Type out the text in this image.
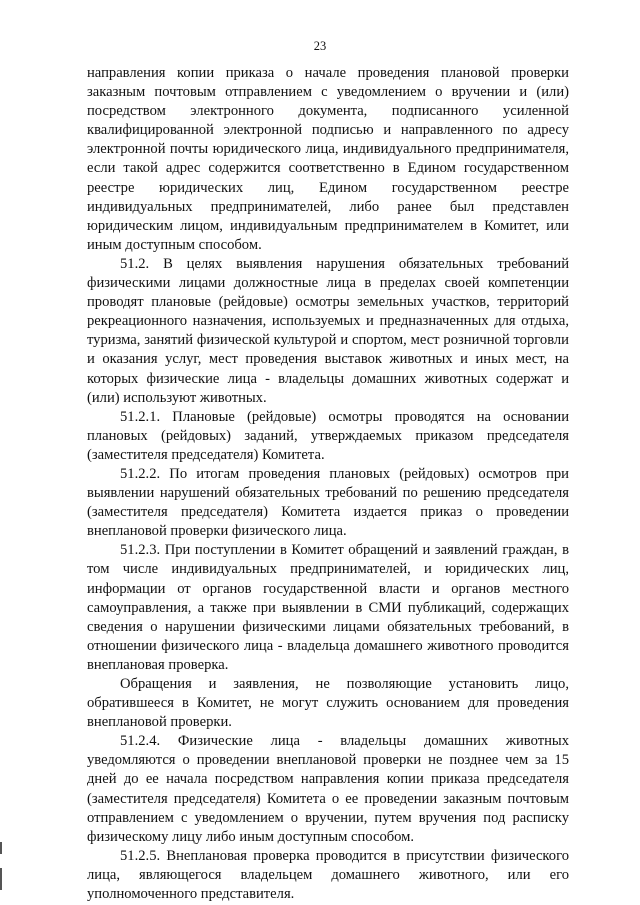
23

направления копии приказа о начале проведения плановой проверки заказным почтовым отправлением с уведомлением о вручении и (или) посредством электронного документа, подписанного усиленной квалифицированной электронной подписью и направленного по адресу электронной почты юридического лица, индивидуального предпринимателя, если такой адрес содержится соответственно в Едином государственном реестре юридических лиц, Едином государственном реестре индивидуальных предпринимателей, либо ранее был представлен юридическим лицом, индивидуальным предпринимателем в Комитет, или иным доступным способом.

51.2. В целях выявления нарушения обязательных требований физическими лицами должностные лица в пределах своей компетенции проводят плановые (рейдовые) осмотры земельных участков, территорий рекреационного назначения, используемых и предназначенных для отдыха, туризма, занятий физической культурой и спортом, мест розничной торговли и оказания услуг, мест проведения выставок животных и иных мест, на которых физические лица - владельцы домашних животных содержат и (или) используют животных.

51.2.1. Плановые (рейдовые) осмотры проводятся на основании плановых (рейдовых) заданий, утверждаемых приказом председателя (заместителя председателя) Комитета.

51.2.2. По итогам проведения плановых (рейдовых) осмотров при выявлении нарушений обязательных требований по решению председателя (заместителя председателя) Комитета издается приказ о проведении внеплановой проверки физического лица.

51.2.3. При поступлении в Комитет обращений и заявлений граждан, в том числе индивидуальных предпринимателей, и юридических лиц, информации от органов государственной власти и органов местного самоуправления, а также при выявлении в СМИ публикаций, содержащих сведения о нарушении физическими лицами обязательных требований, в отношении физического лица - владельца домашнего животного проводится внеплановая проверка.

Обращения и заявления, не позволяющие установить лицо, обратившееся в Комитет, не могут служить основанием для проведения внеплановой проверки.

51.2.4. Физические лица - владельцы домашних животных уведомляются о проведении внеплановой проверки не позднее чем за 15 дней до ее начала посредством направления копии приказа председателя (заместителя председателя) Комитета о ее проведении заказным почтовым отправлением с уведомлением о вручении, путем вручения под расписку физическому лицу либо иным доступным способом.

51.2.5. Внеплановая проверка проводится в присутствии физического лица, являющегося владельцем домашнего животного, или его уполномоченного представителя.
